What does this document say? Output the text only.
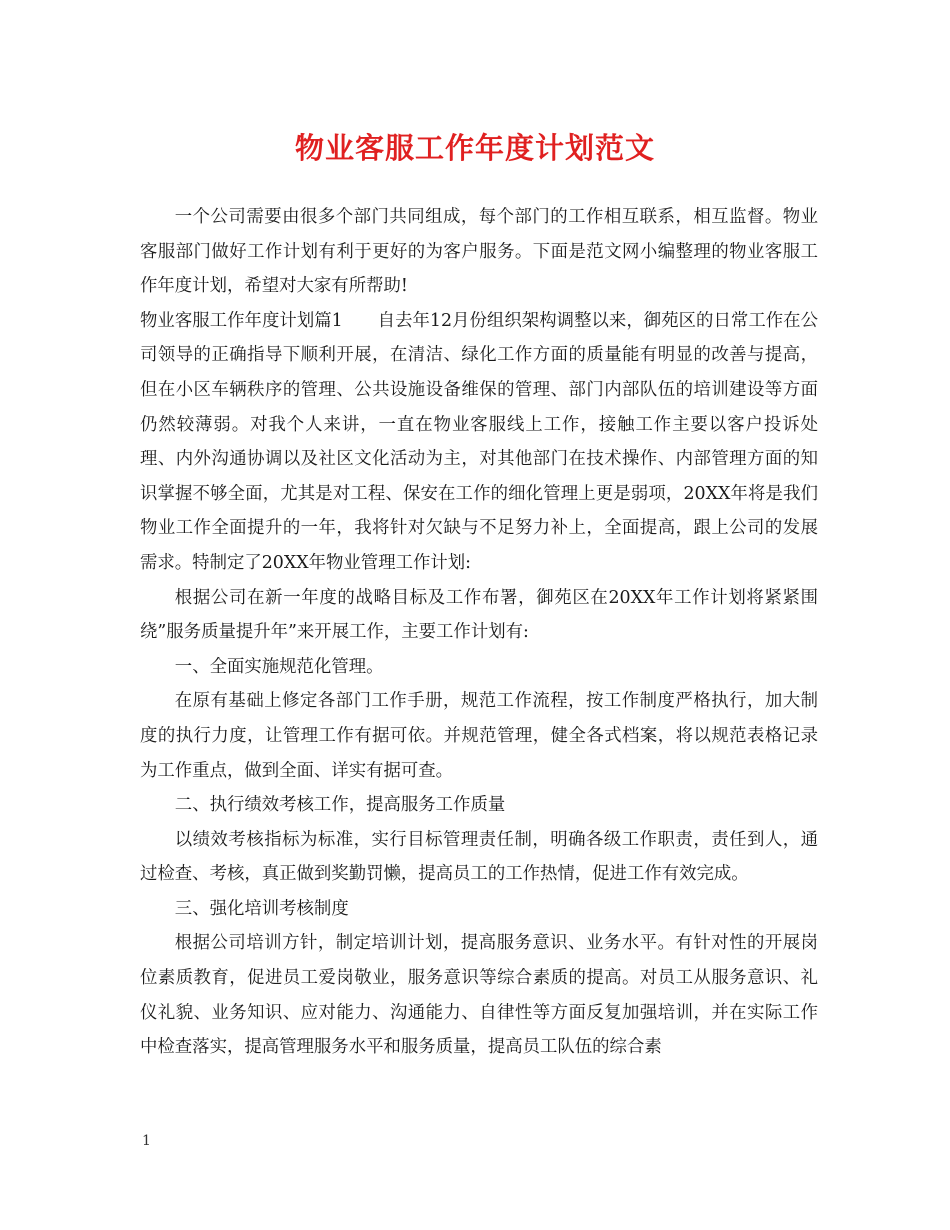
物业客服工作年度计划范文

一个公司需要由很多个部门共同组成，每个部门的工作相互联系，相互监督。物业客服部门做好工作计划有利于更好的为客户服务。下面是范文网小编整理的物业客服工作年度计划，希望对大家有所帮助!

物业客服工作年度计划篇1　　自去年12月份组织架构调整以来，御苑区的日常工作在公司领导的正确指导下顺利开展，在清洁、绿化工作方面的质量能有明显的改善与提高，但在小区车辆秩序的管理、公共设施设备维保的管理、部门内部队伍的培训建设等方面仍然较薄弱。对我个人来讲，一直在物业客服线上工作，接触工作主要以客户投诉处理、内外沟通协调以及社区文化活动为主，对其他部门在技术操作、内部管理方面的知识掌握不够全面，尤其是对工程、保安在工作的细化管理上更是弱项，20XX年将是我们物业工作全面提升的一年，我将针对欠缺与不足努力补上，全面提高，跟上公司的发展需求。特制定了20XX年物业管理工作计划:

根据公司在新一年度的战略目标及工作布署，御苑区在20XX年工作计划将紧紧围绕”服务质量提升年”来开展工作，主要工作计划有:

一、全面实施规范化管理。

在原有基础上修定各部门工作手册，规范工作流程，按工作制度严格执行，加大制度的执行力度，让管理工作有据可依。并规范管理，健全各式档案，将以规范表格记录为工作重点，做到全面、详实有据可查。

二、执行绩效考核工作，提高服务工作质量

以绩效考核指标为标准，实行目标管理责任制，明确各级工作职责，责任到人，通过检查、考核，真正做到奖勤罚懒，提高员工的工作热情，促进工作有效完成。

三、强化培训考核制度

根据公司培训方针，制定培训计划，提高服务意识、业务水平。有针对性的开展岗位素质教育，促进员工爱岗敬业，服务意识等综合素质的提高。对员工从服务意识、礼仪礼貌、业务知识、应对能力、沟通能力、自律性等方面反复加强培训，并在实际工作中检查落实，提高管理服务水平和服务质量，提高员工队伍的综合素

1
